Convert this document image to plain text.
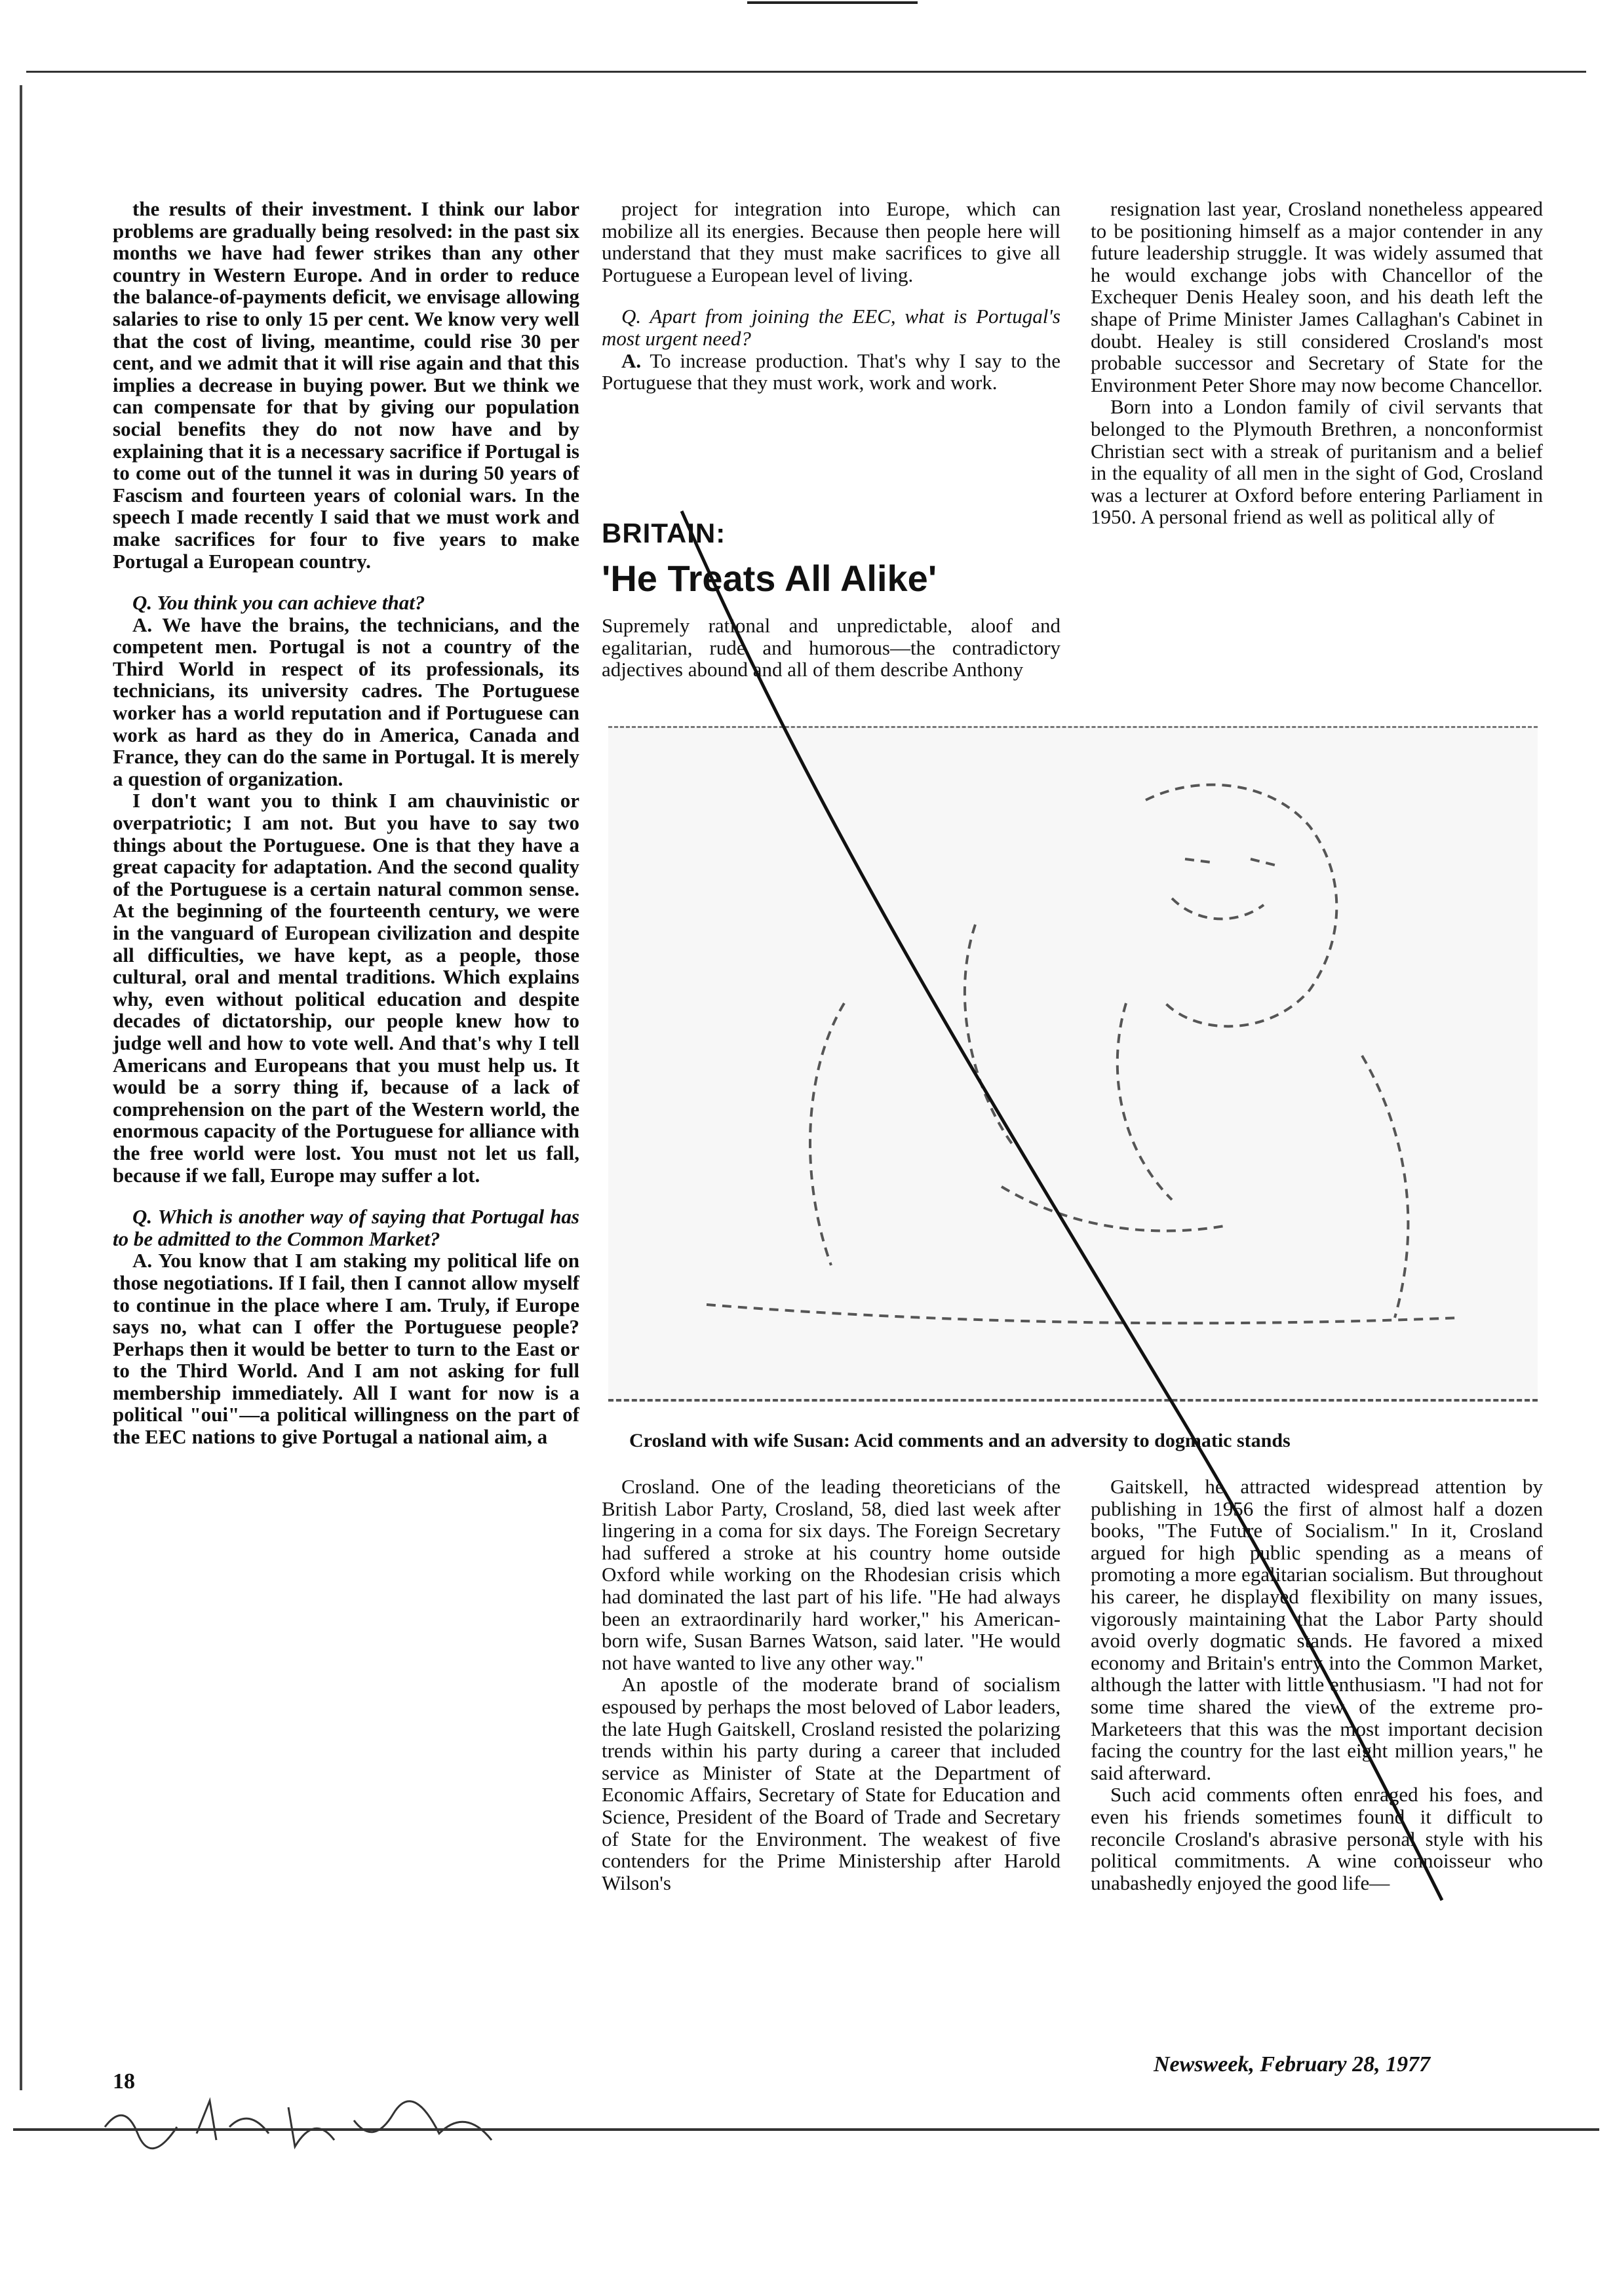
the results of their investment. I think our labor problems are gradually being resolved: in the past six months we have had fewer strikes than any other country in Western Europe. And in order to reduce the balance-of-payments deficit, we envisage allowing salaries to rise to only 15 per cent. We know very well that the cost of living, meantime, could rise 30 per cent, and we admit that it will rise again and that this implies a decrease in buying power. But we think we can compensate for that by giving our population social benefits they do not now have and by explaining that it is a necessary sacrifice if Portugal is to come out of the tunnel it was in during 50 years of Fascism and fourteen years of colonial wars. In the speech I made recently I said that we must work and make sacrifices for four to five years to make Portugal a European country.

Q. You think you can achieve that?

A. We have the brains, the technicians, and the competent men. Portugal is not a country of the Third World in respect of its professionals, its technicians, its university cadres. The Portuguese worker has a world reputation and if Portuguese can work as hard as they do in America, Canada and France, they can do the same in Portugal. It is merely a question of organization.

I don't want you to think I am chauvinistic or overpatriotic; I am not. But you have to say two things about the Portuguese. One is that they have a great capacity for adaptation. And the second quality of the Portuguese is a certain natural common sense. At the beginning of the fourteenth century, we were in the vanguard of European civilization and despite all difficulties, we have kept, as a people, those cultural, oral and mental traditions. Which explains why, even without political education and despite decades of dictatorship, our people knew how to judge well and how to vote well. And that's why I tell Americans and Europeans that you must help us. It would be a sorry thing if, because of a lack of comprehension on the part of the Western world, the enormous capacity of the Portuguese for alliance with the free world were lost. You must not let us fall, because if we fall, Europe may suffer a lot.

Q. Which is another way of saying that Portugal has to be admitted to the Common Market?

A. You know that I am staking my political life on those negotiations. If I fail, then I cannot allow myself to continue in the place where I am. Truly, if Europe says no, what can I offer the Portuguese people? Perhaps then it would be better to turn to the East or to the Third World. And I am not asking for full membership immediately. All I want for now is a political "oui"—a political willingness on the part of the EEC nations to give Portugal a national aim, a

project for integration into Europe, which can mobilize all its energies. Because then people here will understand that they must make sacrifices to give all Portuguese a European level of living.

Q. Apart from joining the EEC, what is Portugal's most urgent need?

A. To increase production. That's why I say to the Portuguese that they must work, work and work.

BRITAIN:
'He Treats All Alike'
Supremely rational and unpredictable, aloof and egalitarian, rude and humorous—the contradictory adjectives abound and all of them describe Anthony

resignation last year, Crosland nonetheless appeared to be positioning himself as a major contender in any future leadership struggle. It was widely assumed that he would exchange jobs with Chancellor of the Exchequer Denis Healey soon, and his death left the shape of Prime Minister James Callaghan's Cabinet in doubt. Healey is still considered Crosland's most probable successor and Secretary of State for the Environment Peter Shore may now become Chancellor.

Born into a London family of civil servants that belonged to the Plymouth Brethren, a nonconformist Christian sect with a streak of puritanism and a belief in the equality of all men in the sight of God, Crosland was a lecturer at Oxford before entering Parliament in 1950. A personal friend as well as political ally of

Crosland with wife Susan: Acid comments and an adversity to dogmatic stands

Crosland. One of the leading theoreticians of the British Labor Party, Crosland, 58, died last week after lingering in a coma for six days. The Foreign Secretary had suffered a stroke at his country home outside Oxford while working on the Rhodesian crisis which had dominated the last part of his life. "He had always been an extraordinarily hard worker," his American-born wife, Susan Barnes Watson, said later. "He would not have wanted to live any other way."

An apostle of the moderate brand of socialism espoused by perhaps the most beloved of Labor leaders, the late Hugh Gaitskell, Crosland resisted the polarizing trends within his party during a career that included service as Minister of State at the Department of Economic Affairs, Secretary of State for Education and Science, President of the Board of Trade and Secretary of State for the Environment. The weakest of five contenders for the Prime Ministership after Harold Wilson's

Gaitskell, he attracted widespread attention by publishing in 1956 the first of almost half a dozen books, "The Future of Socialism." In it, Crosland argued for high public spending as a means of promoting a more egalitarian socialism. But throughout his career, he displayed flexibility on many issues, vigorously maintaining that the Labor Party should avoid overly dogmatic stands. He favored a mixed economy and Britain's entry into the Common Market, although the latter with little enthusiasm. "I had not for some time shared the view of the extreme pro-Marketeers that this was the most important decision facing the country for the last eight million years," he said afterward.

Such acid comments often enraged his foes, and even his friends sometimes found it difficult to reconcile Crosland's abrasive personal style with his political commitments. A wine connoisseur who unabashedly enjoyed the good life—

18
Newsweek, February 28, 1977
